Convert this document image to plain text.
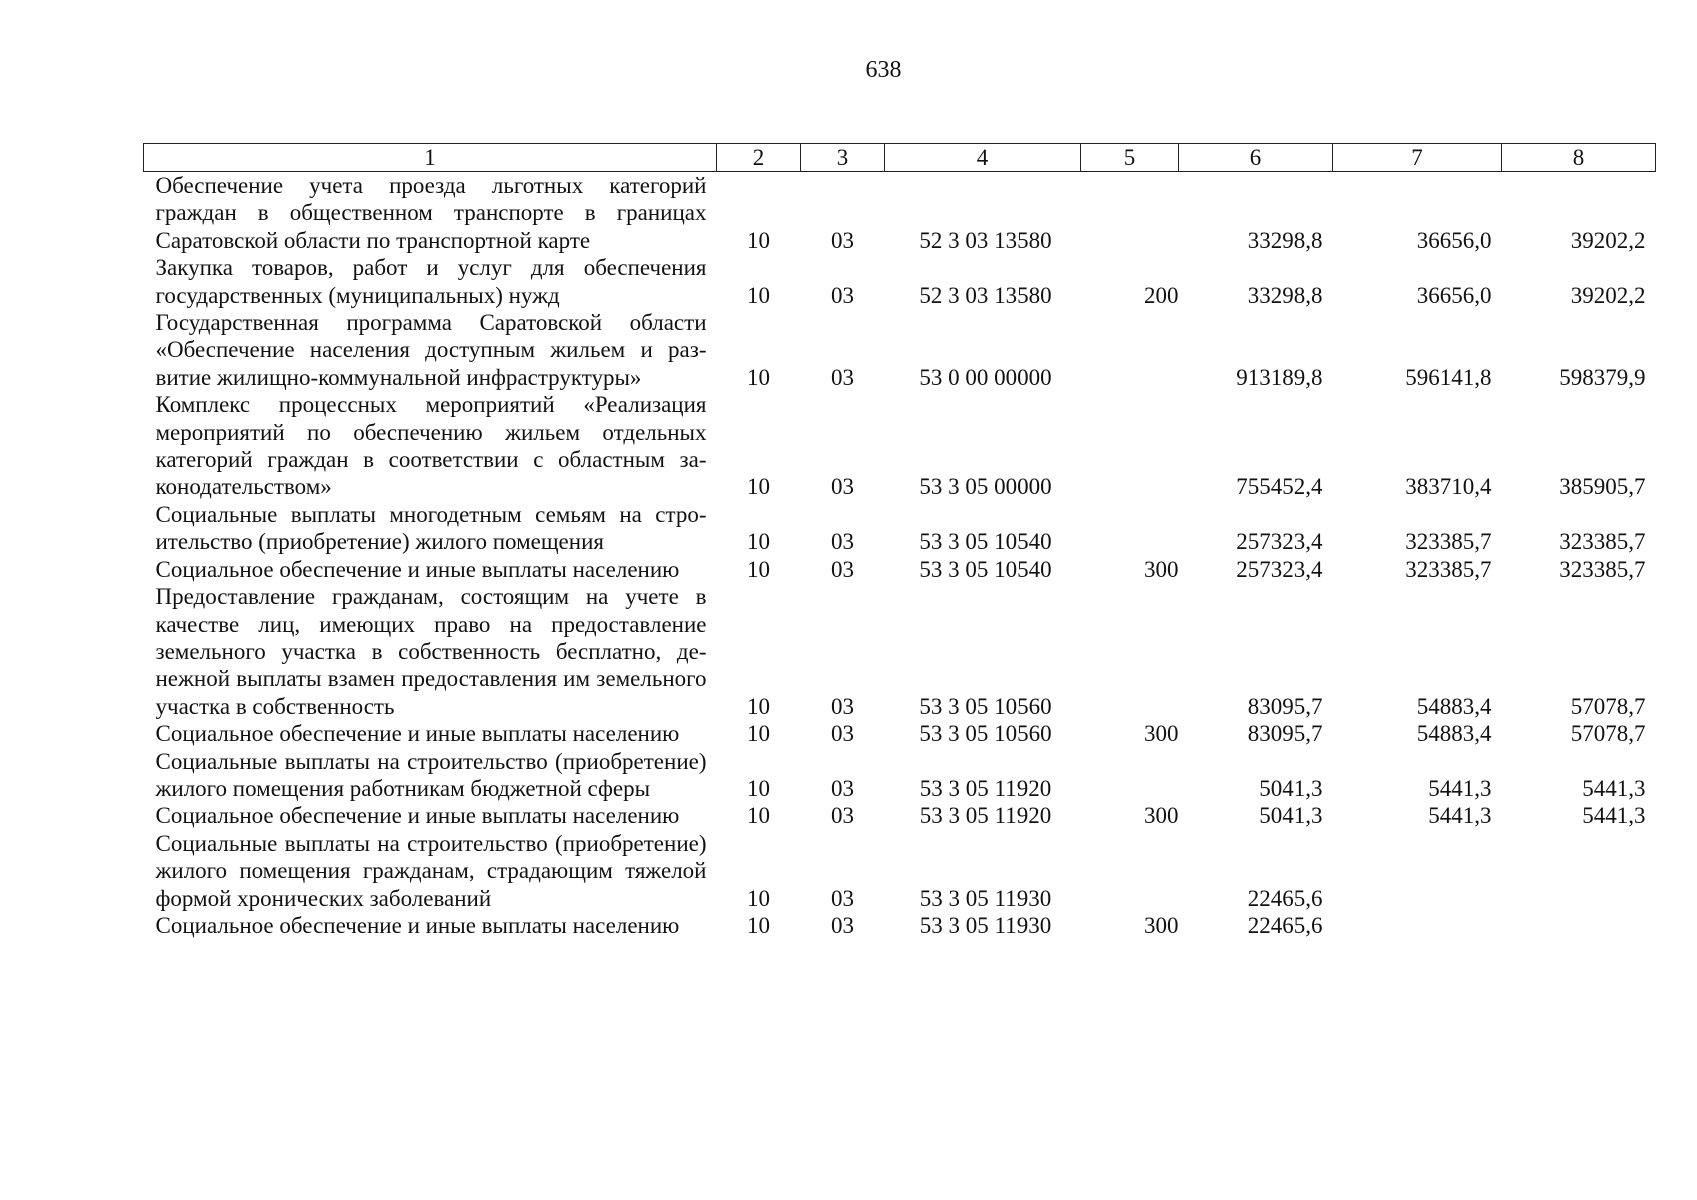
638
1	2	3	4	5	6	7	8
Обеспечение учета проезда льготных категорий граждан в общественном транспорте в границах Саратовской области по транспортной карте	10	03	52 3 03 13580		33298,8	36656,0	39202,2
Закупка товаров, работ и услуг для обеспечения государственных (муниципальных) нужд	10	03	52 3 03 13580	200	33298,8	36656,0	39202,2
Государственная программа Саратовской области «Обеспечение населения доступным жильем и развитие жилищно-коммунальной инфраструктуры»	10	03	53 0 00 00000		913189,8	596141,8	598379,9
Комплекс процессных мероприятий «Реализация мероприятий по обеспечению жильем отдельных категорий граждан в соответствии с областным законодательством»	10	03	53 3 05 00000		755452,4	383710,4	385905,7
Социальные выплаты многодетным семьям на строительство (приобретение) жилого помещения	10	03	53 3 05 10540		257323,4	323385,7	323385,7
Социальное обеспечение и иные выплаты населению	10	03	53 3 05 10540	300	257323,4	323385,7	323385,7
Предоставление гражданам, состоящим на учете в качестве лиц, имеющих право на предоставление земельного участка в собственность бесплатно, денежной выплаты взамен предоставления им земельного участка в собственность	10	03	53 3 05 10560		83095,7	54883,4	57078,7
Социальное обеспечение и иные выплаты населению	10	03	53 3 05 10560	300	83095,7	54883,4	57078,7
Социальные выплаты на строительство (приобретение) жилого помещения работникам бюджетной сферы	10	03	53 3 05 11920		5041,3	5441,3	5441,3
Социальное обеспечение и иные выплаты населению	10	03	53 3 05 11920	300	5041,3	5441,3	5441,3
Социальные выплаты на строительство (приобретение) жилого помещения гражданам, страдающим тяжелой формой хронических заболеваний	10	03	53 3 05 11930		22465,6		
Социальное обеспечение и иные выплаты населению	10	03	53 3 05 11930	300	22465,6		
